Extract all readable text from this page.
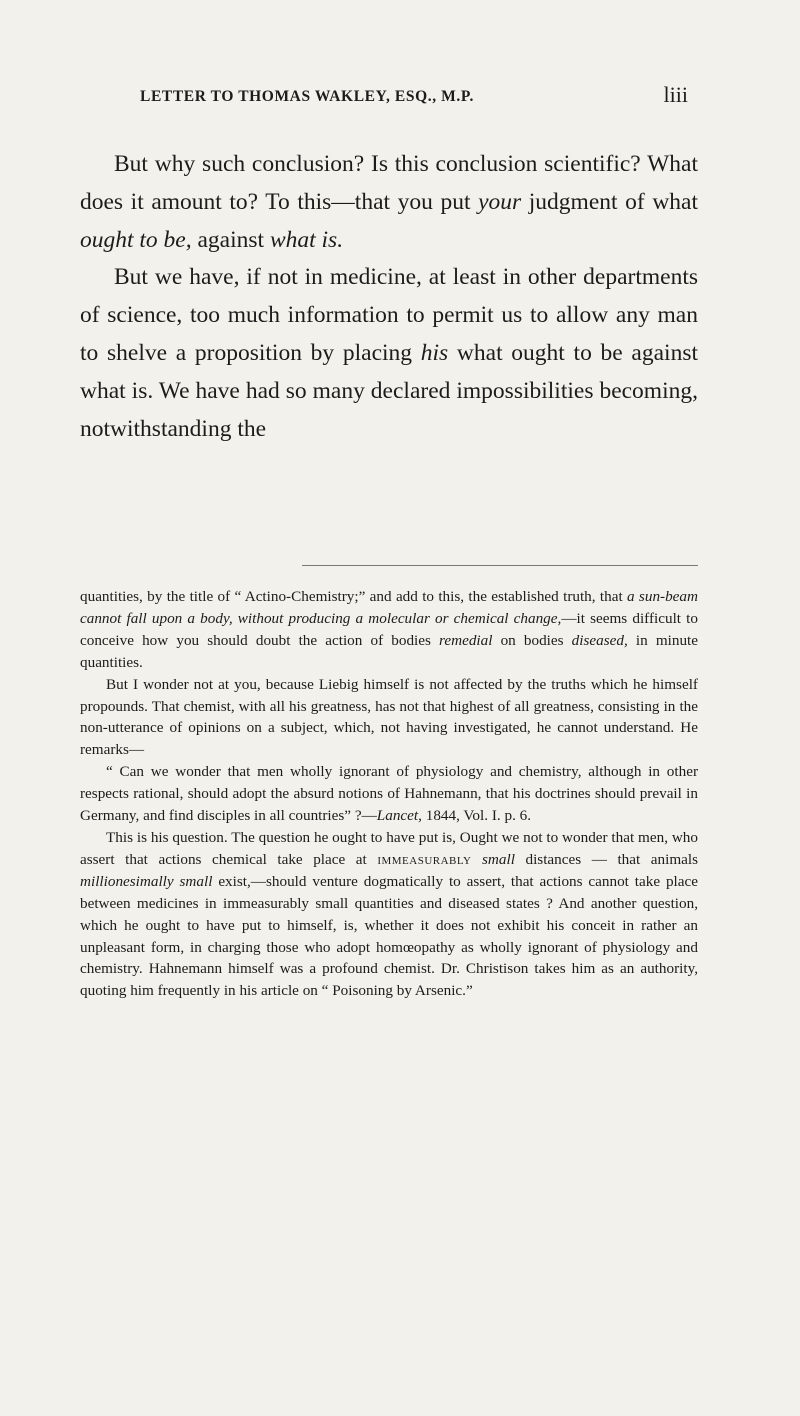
LETTER TO THOMAS WAKLEY, ESQ., M.P.	liii

But why such conclusion? Is this conclusion scientific? What does it amount to? To this—that you put your judgment of what ought to be, against what is.

But we have, if not in medicine, at least in other departments of science, too much information to permit us to allow any man to shelve a proposition by placing his what ought to be against what is. We have had so many declared impossibilities becoming, notwithstanding the

quantities, by the title of “ Actino-Chemistry;” and add to this, the established truth, that a sun-beam cannot fall upon a body, without producing a molecular or chemical change,—it seems difficult to conceive how you should doubt the action of bodies remedial on bodies diseased, in minute quantities.

But I wonder not at you, because Liebig himself is not affected by the truths which he himself propounds. That chemist, with all his greatness, has not that highest of all greatness, consisting in the non-utterance of opinions on a subject, which, not having investigated, he cannot understand. He remarks—

“ Can we wonder that men wholly ignorant of physiology and chemistry, although in other respects rational, should adopt the absurd notions of Hahnemann, that his doctrines should prevail in Germany, and find disciples in all countries” ?—Lancet, 1844, Vol. I. p. 6.

This is his question. The question he ought to have put is, Ought we not to wonder that men, who assert that actions chemical take place at immeasurably small distances — that animals millionesimally small exist,—should venture dogmatically to assert, that actions cannot take place between medicines in immeasurably small quantities and diseased states ? And another question, which he ought to have put to himself, is, whether it does not exhibit his conceit in rather an unpleasant form, in charging those who adopt homœopathy as wholly ignorant of physiology and chemistry. Hahnemann himself was a profound chemist. Dr. Christison takes him as an authority, quoting him frequently in his article on “ Poisoning by Arsenic.”
